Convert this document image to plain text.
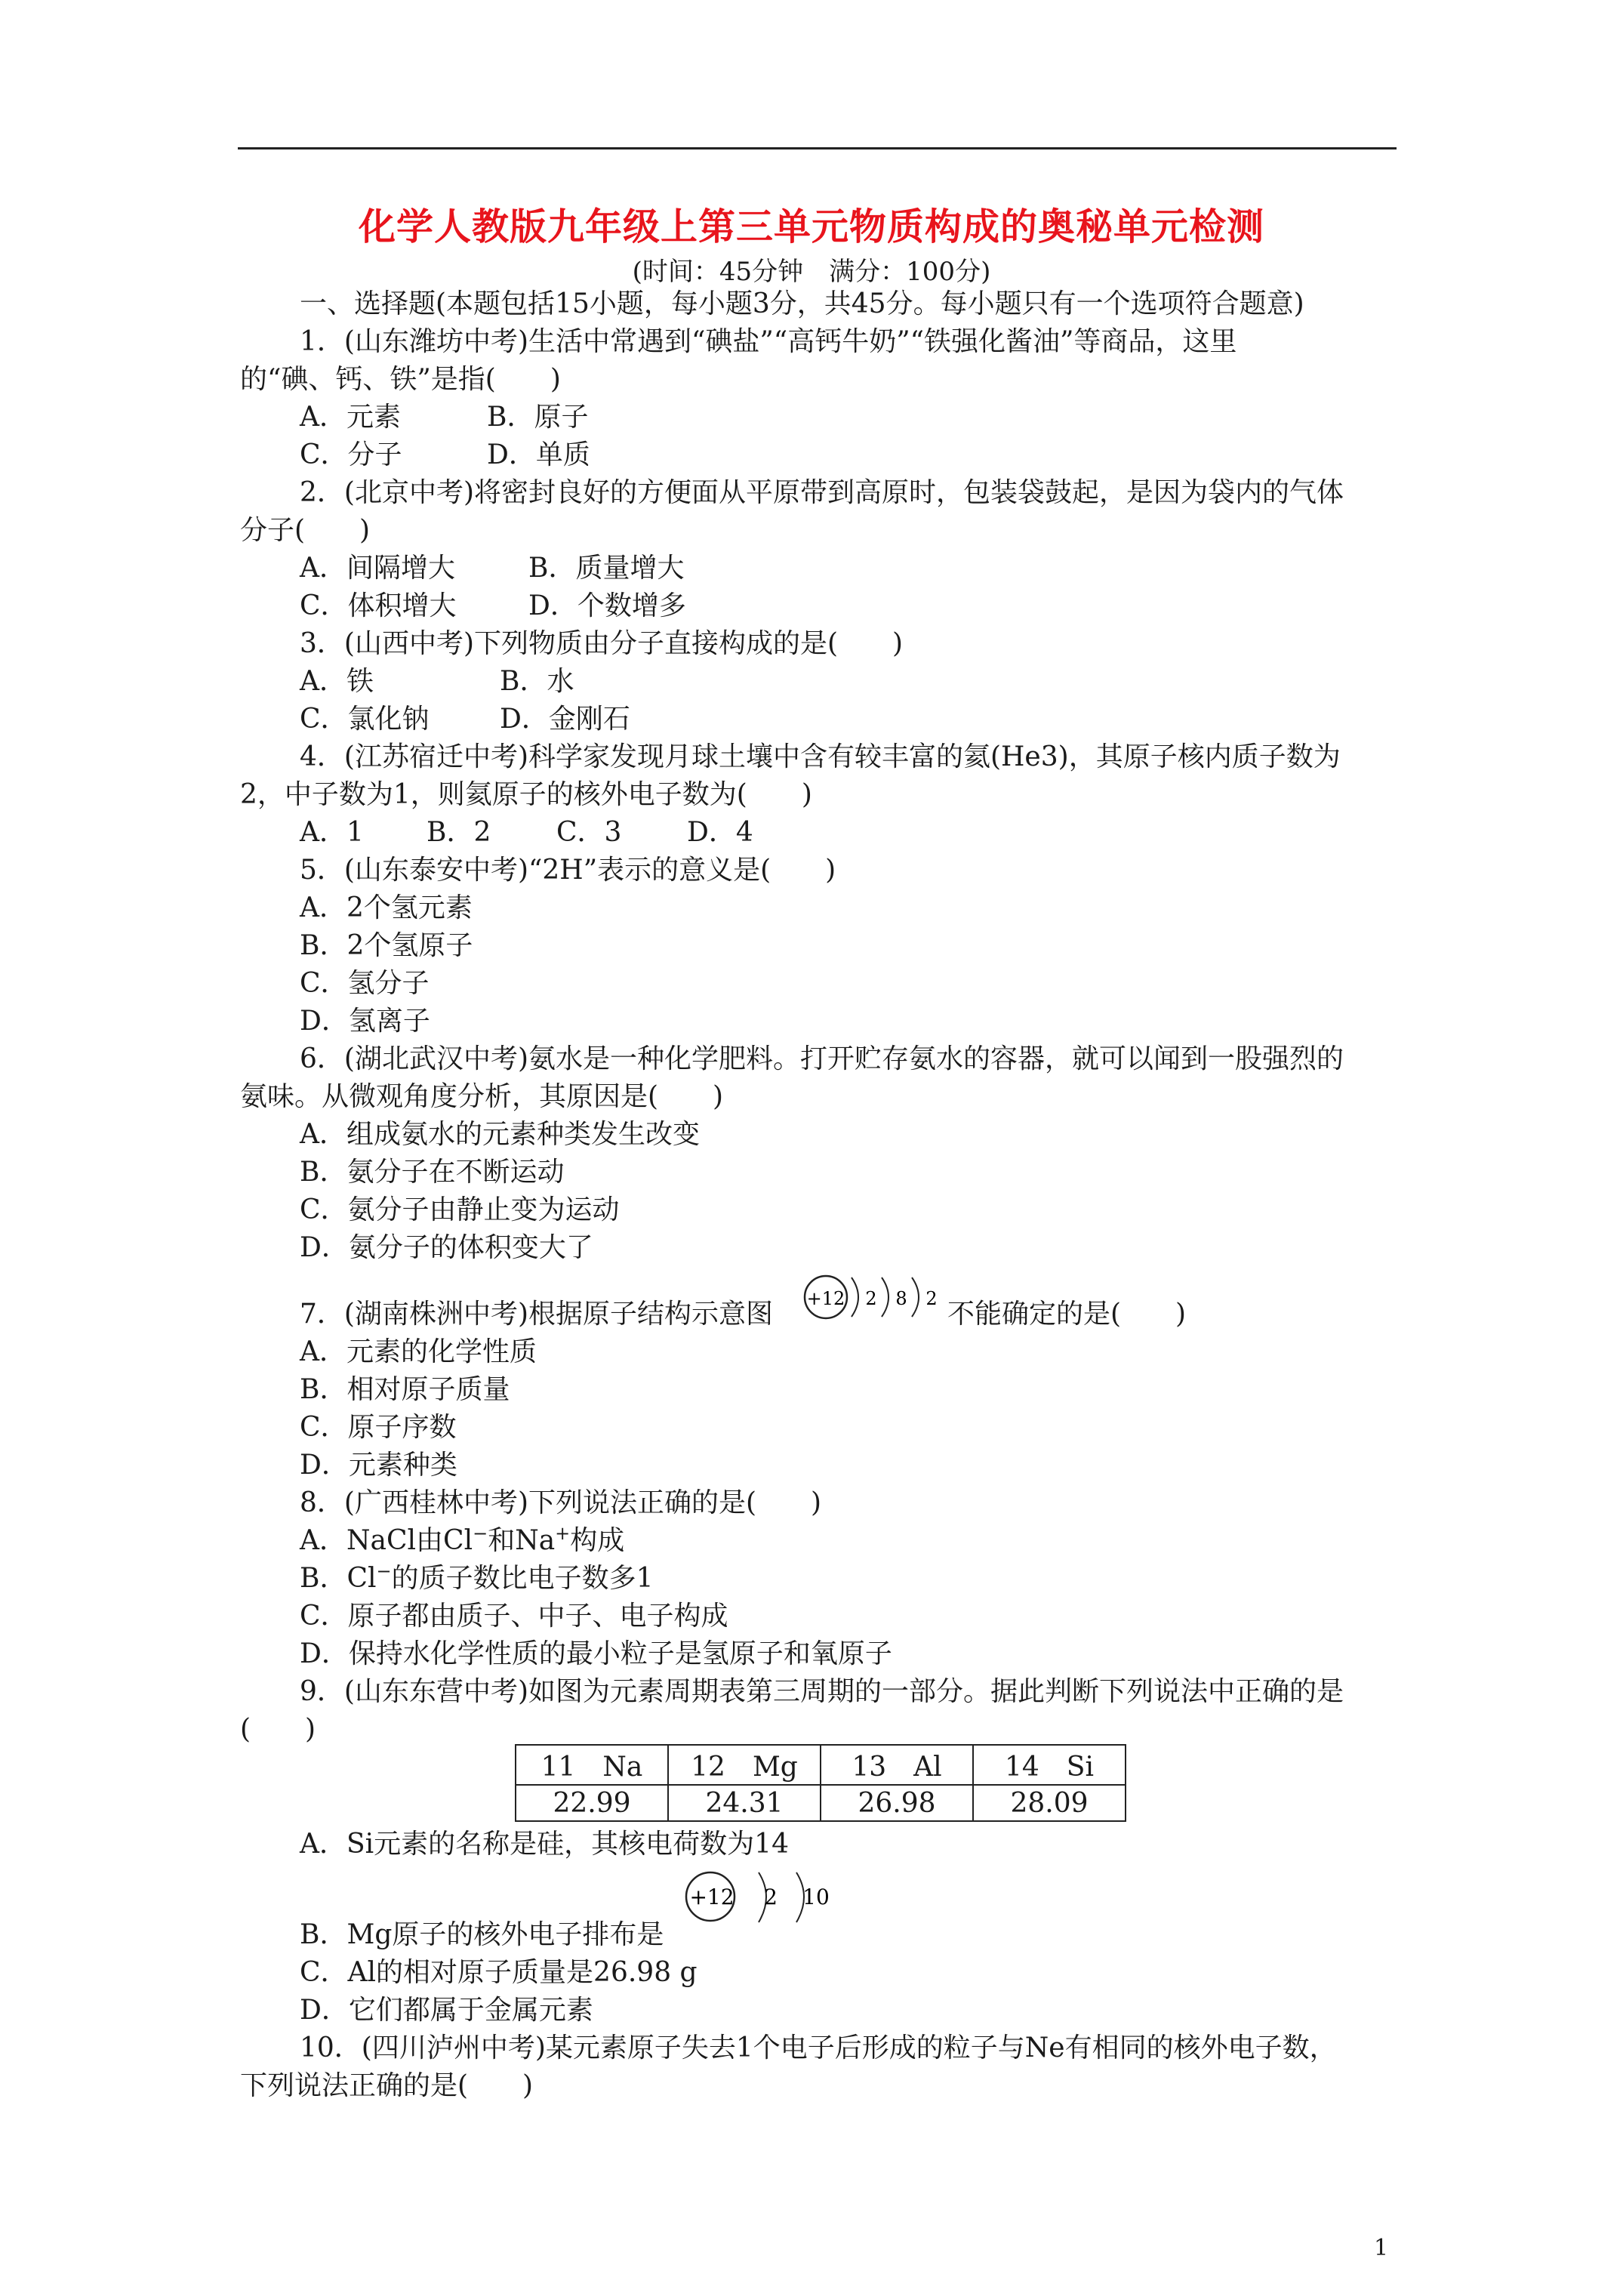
化学人教版九年级上第三单元物质构成的奥秘单元检测
(时间：45分钟　满分：100分)
一、选择题(本题包括15小题，每小题3分，共45分。每小题只有一个选项符合题意)
1．(山东潍坊中考)生活中常遇到“碘盐”“高钙牛奶”“铁强化酱油”等商品，这里
的“碘、钙、铁”是指(　　)
A．元素	B．原子
C．分子	D．单质
2．(北京中考)将密封良好的方便面从平原带到高原时，包装袋鼓起，是因为袋内的气体
分子(　　)
A．间隔增大	B．质量增大
C．体积增大	D．个数增多
3．(山西中考)下列物质由分子直接构成的是(　　)
A．铁	B．水
C．氯化钠	D．金刚石
4．(江苏宿迁中考)科学家发现月球土壤中含有较丰富的氦(He3)，其原子核内质子数为
2，中子数为1，则氦原子的核外电子数为(　　)
A．1 B．2 C．3 D．4
5．(山东泰安中考)“2H”表示的意义是(　　)
A．2个氢元素
B．2个氢原子
C．氢分子
D．氢离子
6．(湖北武汉中考)氨水是一种化学肥料。打开贮存氨水的容器，就可以闻到一股强烈的
氨味。从微观角度分析，其原因是(　　)
A．组成氨水的元素种类发生改变
B．氨分子在不断运动
C．氨分子由静止变为运动
D．氨分子的体积变大了
7．(湖南株洲中考)根据原子结构示意图 +12 2 8 2 不能确定的是(　　)
A．元素的化学性质
B．相对原子质量
C．原子序数
D．元素种类
8．(广西桂林中考)下列说法正确的是(　　)
A．NaCl由Cl−和Na+构成
B．Cl−的质子数比电子数多1
C．原子都由质子、中子、电子构成
D．保持水化学性质的最小粒子是氢原子和氧原子
9．(山东东营中考)如图为元素周期表第三周期的一部分。据此判断下列说法中正确的是
(　　)
11　Na	12　Mg	13　Al	14　Si
22.99	24.31	26.98	28.09
A．Si元素的名称是硅，其核电荷数为14
+12 2 10
B．Mg原子的核外电子排布是
C．Al的相对原子质量是26.98 g
D．它们都属于金属元素
10．(四川泸州中考)某元素原子失去1个电子后形成的粒子与Ne有相同的核外电子数，
下列说法正确的是(　　)
1
